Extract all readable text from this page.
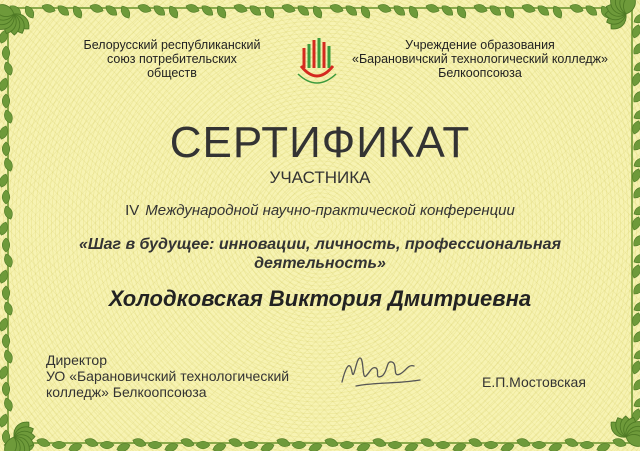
Белорусский республиканский
союз потребительских
обществ
Учреждение образования
«Барановичский технологический колледж»
Белкоопсоюза
СЕРТИФИКАТ
УЧАСТНИКА
IV Международной научно-практической конференции
«Шаг в будущее: инновации, личность, профессиональная
деятельность»
Холодковская Виктория Дмитриевна
Директор
УО «Барановичский технологический
колледж» Белкоопсоюза
Е.П.Мостовская
